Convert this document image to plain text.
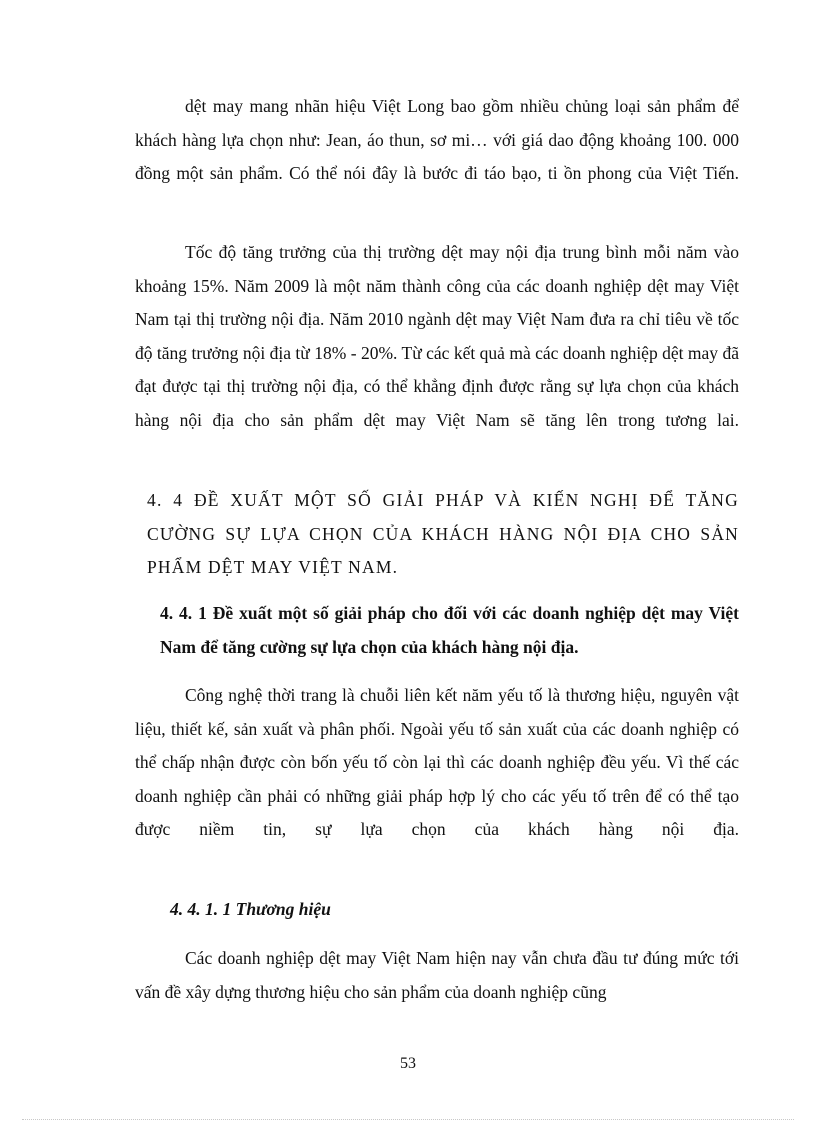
dệt may mang nhãn hiệu Việt Long bao gồm nhiều chủng loại sản phẩm để khách hàng lựa chọn như: Jean, áo thun, sơ mi… với giá dao động khoảng 100. 000 đồng một sản phẩm. Có thể nói đây là bước đi táo bạo, ti ồn phong của Việt Tiến.

Tốc độ tăng trưởng của thị trường dệt may nội địa trung bình mỗi năm vào khoảng 15%. Năm 2009 là một năm thành công của các doanh nghiệp dệt may Việt Nam tại thị trường nội địa. Năm 2010 ngành dệt may Việt Nam đưa ra chỉ tiêu về tốc độ tăng trưởng nội địa từ 18% - 20%. Từ các kết quả mà các doanh nghiệp dệt may đã đạt được tại thị trường nội địa, có thể khẳng định được rằng sự lựa chọn của khách hàng nội địa cho sản phẩm dệt may Việt Nam sẽ tăng lên trong tương lai.

4. 4 ĐỀ XUẤT MỘT SỐ GIẢI PHÁP VÀ KIẾN NGHỊ ĐỂ TĂNG CƯỜNG SỰ LỰA CHỌN CỦA KHÁCH HÀNG NỘI ĐỊA CHO SẢN PHẨM DỆT MAY VIỆT NAM.
4. 4. 1 Đề xuất một số giải pháp cho đối với các doanh nghiệp dệt may Việt Nam để tăng cường sự lựa chọn của khách hàng nội địa.

Công nghệ thời trang là chuỗi liên kết năm yếu tố là thương hiệu, nguyên vật liệu, thiết kế, sản xuất và phân phối. Ngoài yếu tố sản xuất của các doanh nghiệp có thể chấp nhận được còn bốn yếu tố còn lại thì các doanh nghiệp đều yếu. Vì thế các doanh nghiệp cần phải có những giải pháp hợp lý cho các yếu tố trên để có thể tạo được niềm tin, sự lựa chọn của khách hàng nội địa.

4. 4. 1. 1 Thương hiệu

Các doanh nghiệp dệt may Việt Nam hiện nay vẫn chưa đầu tư đúng mức tới vấn đề xây dựng thương hiệu cho sản phẩm của doanh nghiệp cũng

53
